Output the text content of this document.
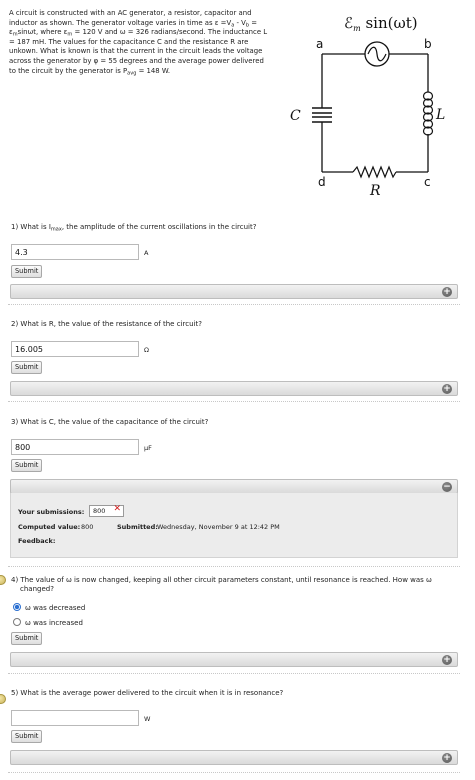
A circuit is constructed with an AC generator, a resistor, capacitor and
inductor as shown. The generator voltage varies in time as $\varepsilon =V_a - V_b$ =
$\varepsilon_m\sin\omega t$, where $\varepsilon_m = 120$ V and ω = 326 radians/second. The inductance L
= 187 mH. The values for the capacitance C and the resistance R are
unkown. What is known is that the current in the circuit leads the voltage
across the generator by φ = 55 degrees and the average power delivered
to the circuit by the generator is $P_{avg} = 148$ W.
ℰ$_m$ sin(ωt)
a	b
c
d
C	L
R
1) What is $I_{max}$, the amplitude of the current oscillations in the circuit?
4.3	A
Submit
+
2) What is R, the value of the resistance of the circuit?
16.005	Ω
Submit
+
3) What is C, the value of the capacitance of the circuit?
800	μF
Submit
−
Your submissions:	800 ✕
Computed value: 800	Submitted: Wednesday, November 9 at 12:42 PM
Feedback:
4) The value of ω is now changed, keeping all other circuit parameters constant, until resonance is reached. How was ω
changed?
ω was decreased
ω was increased
Submit
+
5) What is the average power delivered to the circuit when it is in resonance?
W
Submit
+
